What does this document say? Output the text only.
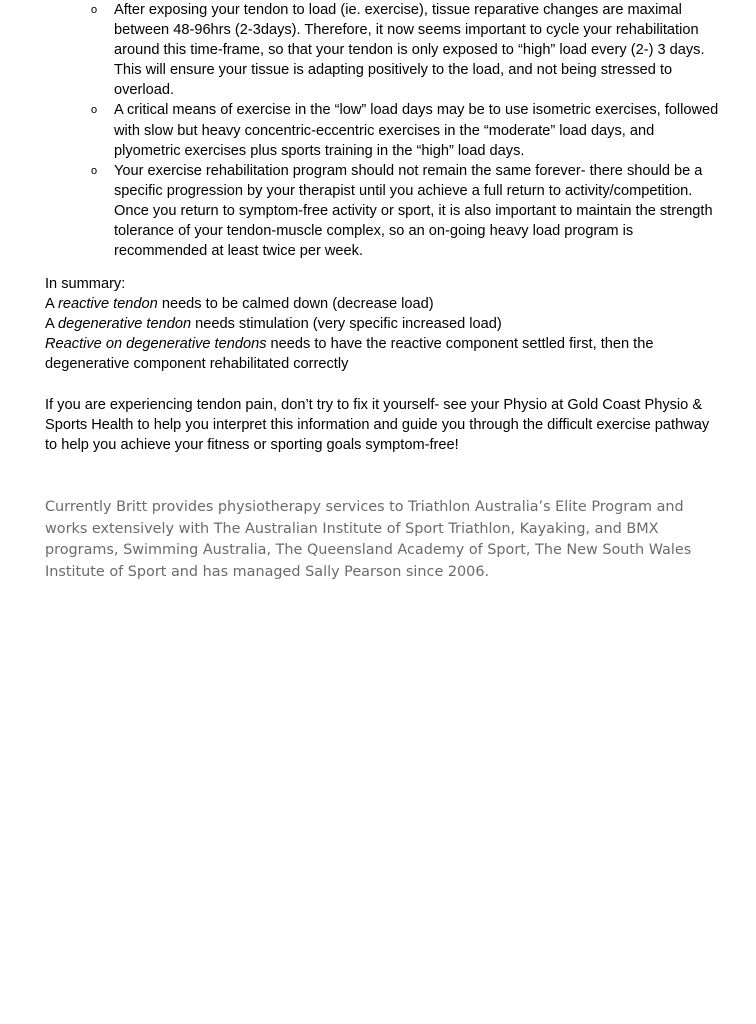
o After exposing your tendon to load (ie. exercise), tissue reparative changes are maximal between 48-96hrs (2-3days). Therefore, it now seems important to cycle your rehabilitation around this time-frame, so that your tendon is only exposed to “high” load every (2-) 3 days. This will ensure your tissue is adapting positively to the load, and not being stressed to overload.
o A critical means of exercise in the “low” load days may be to use isometric exercises, followed with slow but heavy concentric-eccentric exercises in the “moderate” load days, and plyometric exercises plus sports training in the “high” load days.
o Your exercise rehabilitation program should not remain the same forever- there should be a specific progression by your therapist until you achieve a full return to activity/competition. Once you return to symptom-free activity or sport, it is also important to maintain the strength tolerance of your tendon-muscle complex, so an on-going heavy load program is recommended at least twice per week.

In summary:

A reactive tendon needs to be calmed down (decrease load)

A degenerative tendon needs stimulation (very specific increased load)

Reactive on degenerative tendons needs to have the reactive component settled first, then the degenerative component rehabilitated correctly

If you are experiencing tendon pain, don’t try to fix it yourself- see your Physio at Gold Coast Physio & Sports Health to help you interpret this information and guide you through the difficult exercise pathway to help you achieve your fitness or sporting goals symptom-free!

Currently Britt provides physiotherapy services to Triathlon Australia’s Elite Program and works extensively with The Australian Institute of Sport Triathlon, Kayaking, and BMX programs, Swimming Australia, The Queensland Academy of Sport, The New South Wales Institute of Sport and has managed Sally Pearson since 2006.
